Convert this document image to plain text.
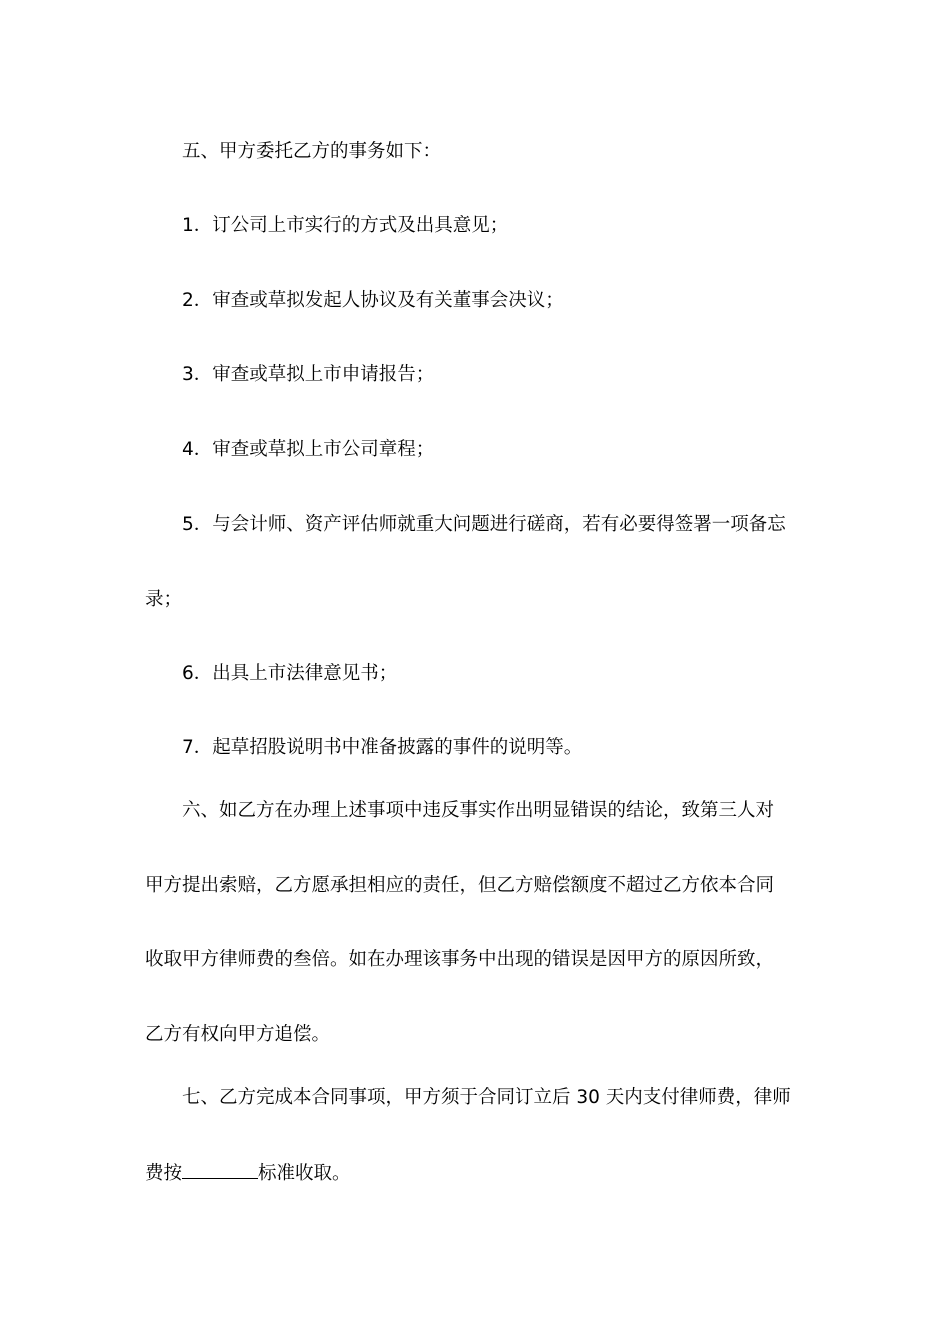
五、甲方委托乙方的事务如下：
1．订公司上市实行的方式及出具意见；
2．审查或草拟发起人协议及有关董事会决议；
3．审查或草拟上市申请报告；
4．审查或草拟上市公司章程；
5．与会计师、资产评估师就重大问题进行磋商，若有必要得签署一项备忘
录；
6．出具上市法律意见书；
7．起草招股说明书中准备披露的事件的说明等。
六、如乙方在办理上述事项中违反事实作出明显错误的结论，致第三人对
甲方提出索赔，乙方愿承担相应的责任，但乙方赔偿额度不超过乙方依本合同
收取甲方律师费的叁倍。如在办理该事务中出现的错误是因甲方的原因所致，
乙方有权向甲方追偿。
七、乙方完成本合同事项，甲方须于合同订立后 30 天内支付律师费，律师
费按	标准收取。
